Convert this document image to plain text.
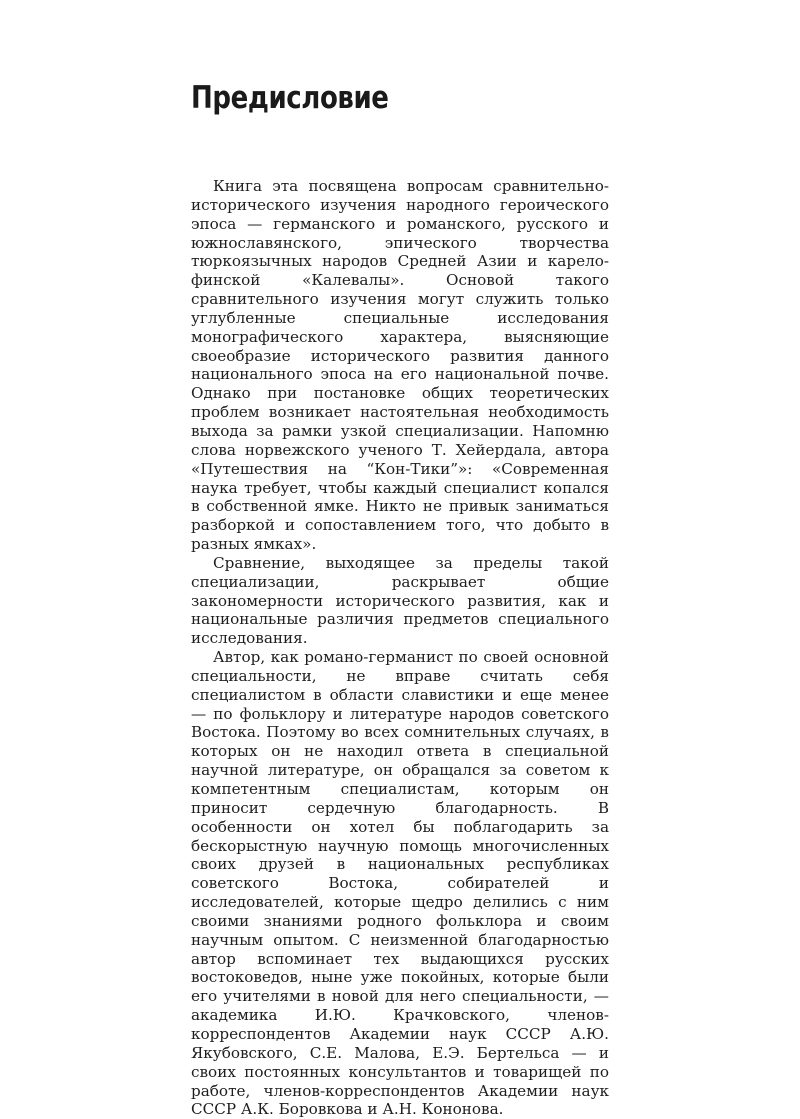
Предисловие

Книга эта посвящена вопросам сравнительно-исторического изучения народного героического эпоса — германского и романского, русского и южнославянского, эпического творчества тюркоязычных народов Средней Азии и карело-финской «Калевалы». Основой такого сравнительного изучения могут служить только углубленные специальные исследования монографического характера, выясняющие своеобразие исторического развития данного национального эпоса на его национальной почве. Однако при постановке общих теоретических проблем возникает настоятельная необходимость выхода за рамки узкой специализации. Напомню слова норвежского ученого Т. Хейердала, автора «Путешествия на “Кон-Тики”»: «Современная наука требует, чтобы каждый специалист копался в собственной ямке. Никто не привык заниматься разборкой и сопоставлением того, что добыто в разных ямках».

Сравнение, выходящее за пределы такой специализации, раскрывает общие закономерности исторического развития, как и национальные различия предметов специального исследования.

Автор, как романо-германист по своей основной специальности, не вправе считать себя специалистом в области славистики и еще менее — по фольклору и литературе народов советского Востока. Поэтому во всех сомнительных случаях, в которых он не находил ответа в специальной научной литературе, он обращался за советом к компетентным специалистам, которым он приносит сердечную благодарность. В особенности он хотел бы поблагодарить за бескорыстную научную помощь многочисленных своих друзей в национальных республиках советского Востока, собирателей и исследователей, которые щедро делились с ним своими знаниями родного фольклора и своим научным опытом. С неизменной благодарностью автор вспоминает тех выдающихся русских востоковедов, ныне уже покойных, которые были его учителями в новой для него специальности, — академика И.Ю. Крачковского, членов-корреспондентов Академии наук СССР А.Ю. Якубовского, С.Е. Малова, Е.Э. Бертельса — и своих постоянных консультантов и товарищей по работе, членов-корреспондентов Академии наук СССР А.К. Боровкова и А.Н. Кононова.
